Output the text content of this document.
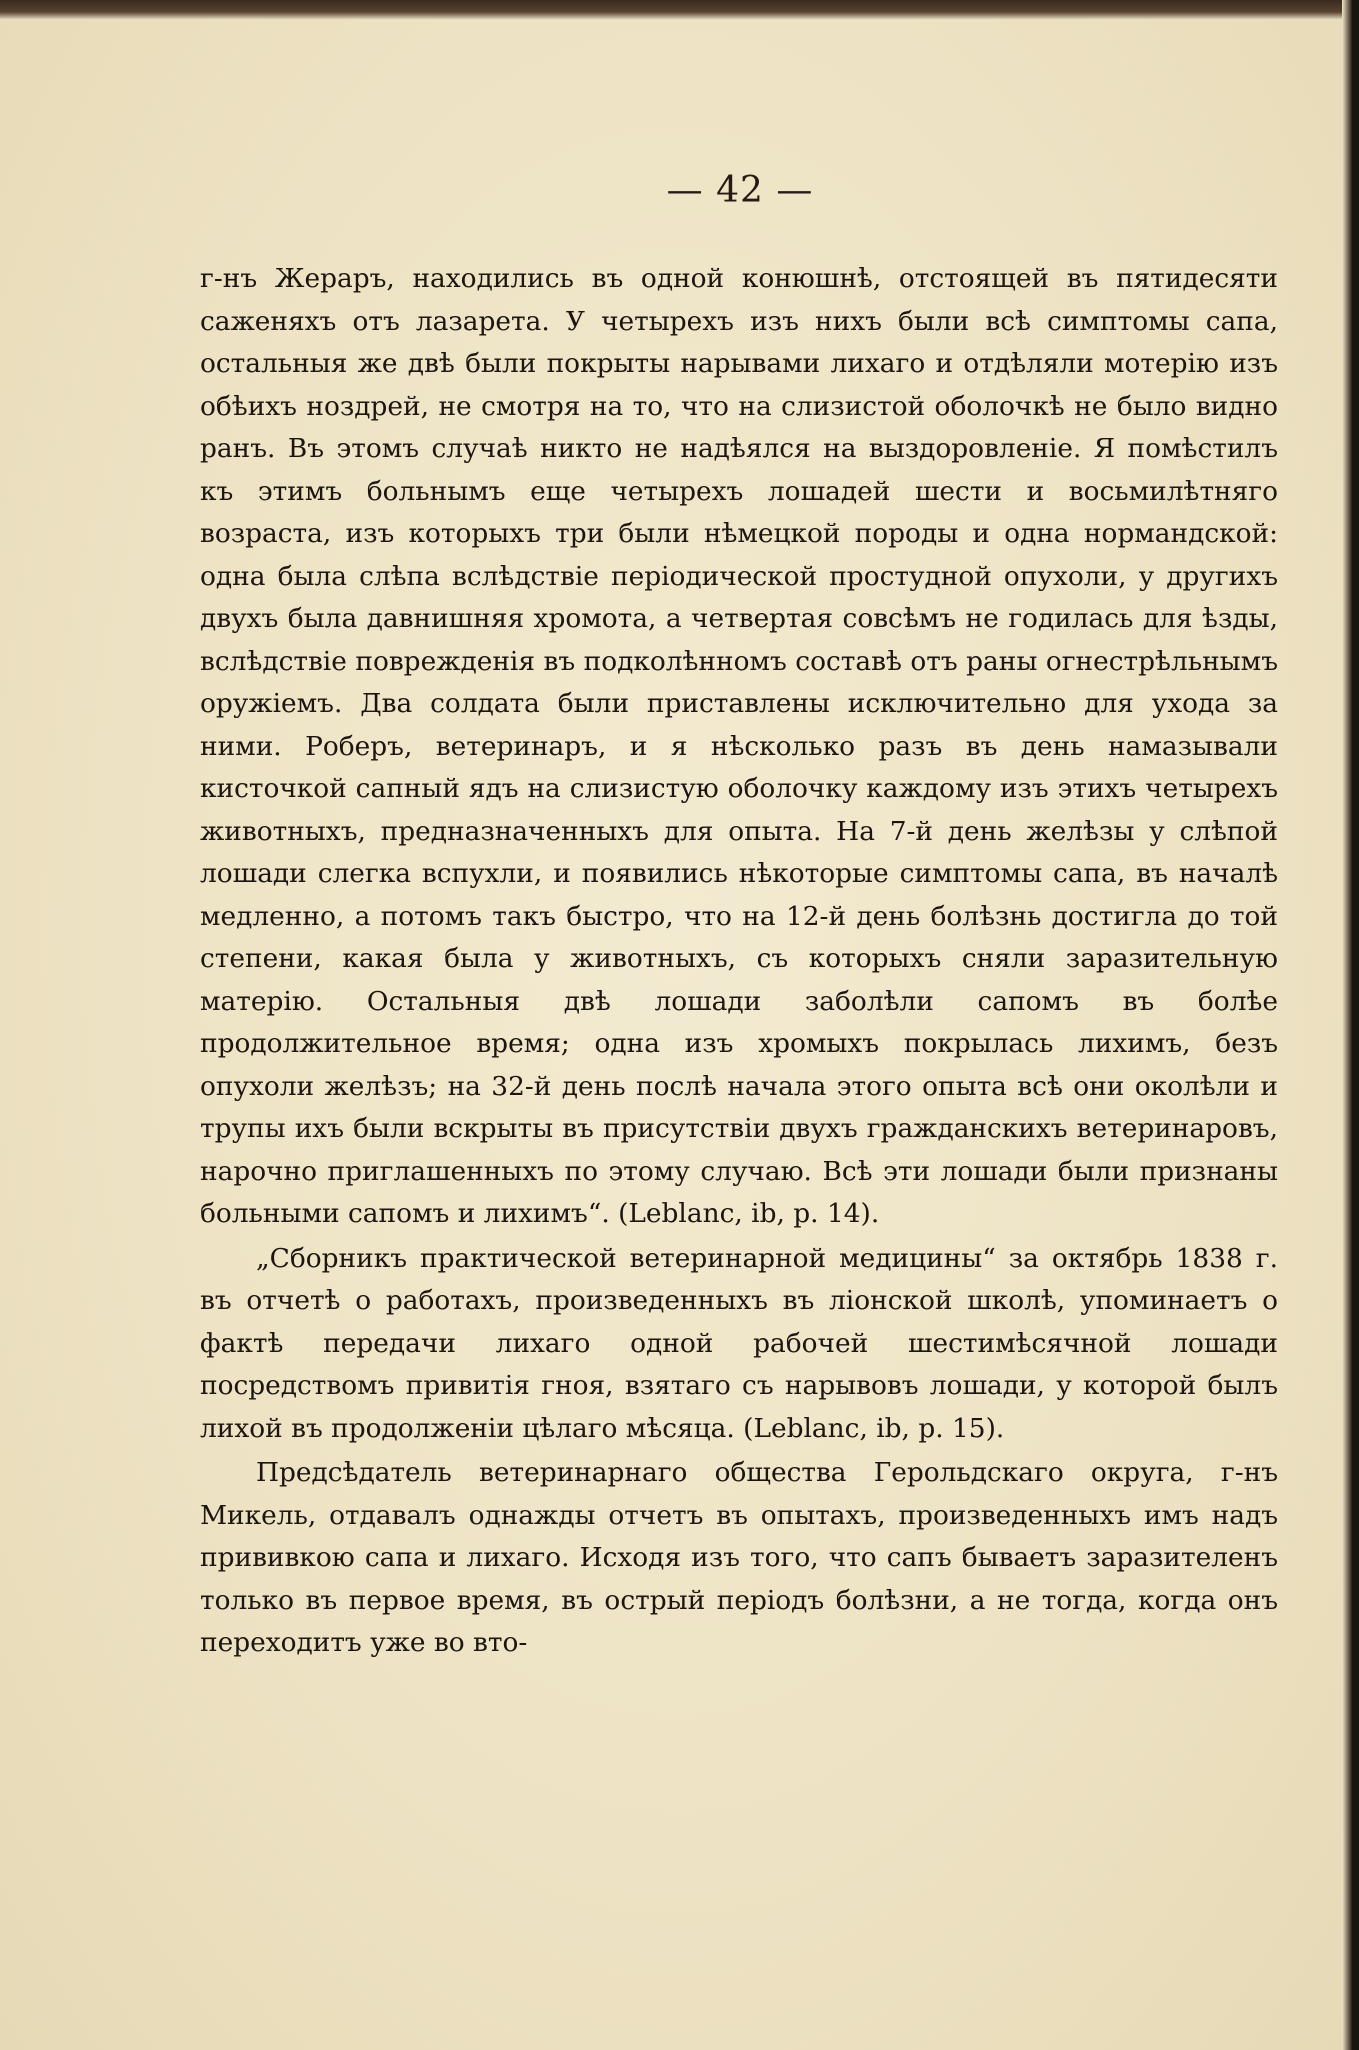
— 42 —

г-нъ Жераръ, находились въ одной конюшнѣ, отстоящей въ пятидесяти саженяхъ отъ лазарета. У четырехъ изъ нихъ были всѣ симптомы сапа, остальныя же двѣ были покрыты нарывами лихаго и отдѣляли мотерію изъ обѣихъ ноздрей, не смотря на то, что на слизистой оболочкѣ не было видно ранъ. Въ этомъ случаѣ никто не надѣялся на выздоровленіе. Я помѣстилъ къ этимъ больнымъ еще четырехъ лошадей шести и восьмилѣтняго возраста, изъ которыхъ три были нѣмецкой породы и одна нормандской: одна была слѣпа вслѣдствіе періодической простудной опухоли, у другихъ двухъ была давнишняя хромота, а четвертая совсѣмъ не годилась для ѣзды, вслѣдствіе поврежденія въ подколѣнномъ составѣ отъ раны огнестрѣльнымъ оружіемъ. Два солдата были приставлены исключительно для ухода за ними. Роберъ, ветеринаръ, и я нѣсколько разъ въ день намазывали кисточкой сапный ядъ на слизистую оболочку каждому изъ этихъ четырехъ животныхъ, предназначенныхъ для опыта. На 7-й день желѣзы у слѣпой лошади слегка вспухли, и появились нѣкоторые симптомы сапа, въ началѣ медленно, а потомъ такъ быстро, что на 12-й день болѣзнь достигла до той степени, какая была у животныхъ, съ которыхъ сняли заразительную матерію. Остальныя двѣ лошади заболѣли сапомъ въ болѣе продолжительное время; одна изъ хромыхъ покрылась лихимъ, безъ опухоли желѣзъ; на 32-й день послѣ начала этого опыта всѣ они околѣли и трупы ихъ были вскрыты въ присутствіи двухъ гражданскихъ ветеринаровъ, нарочно приглашенныхъ по этому случаю. Всѣ эти лошади были признаны больными сапомъ и лихимъ“. (Leblanc, ib, p. 14).

„Сборникъ практической ветеринарной медицины“ за октябрь 1838 г. въ отчетѣ о работахъ, произведенныхъ въ ліонской школѣ, упоминаетъ о фактѣ передачи лихаго одной рабочей шестимѣсячной лошади посредствомъ привитія гноя, взятаго съ нарывовъ лошади, у которой былъ лихой въ продолженіи цѣлаго мѣсяца. (Leblanc, ib, p. 15).

Предсѣдатель ветеринарнаго общества Герольдскаго округа, г-нъ Микель, отдавалъ однажды отчетъ въ опытахъ, произведенныхъ имъ надъ прививкою сапа и лихаго. Исходя изъ того, что сапъ бываетъ заразителенъ только въ первое время, въ острый періодъ болѣзни, а не тогда, когда онъ переходитъ уже во вто-
